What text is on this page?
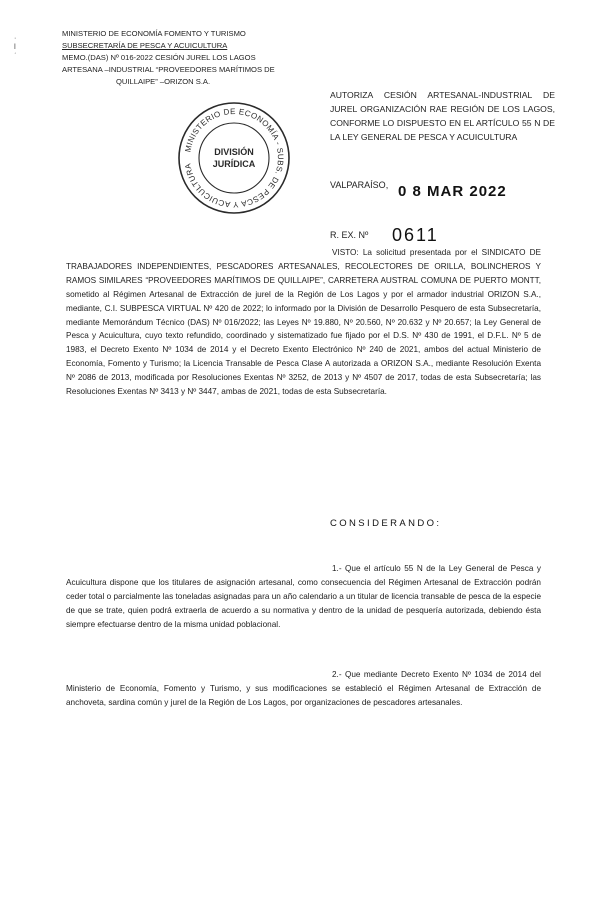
·
ǀ
ʿ
MINISTERIO DE ECONOMÍA FOMENTO Y TURISMO
SUBSECRETARÍA DE PESCA Y ACUICULTURA
MEMO.(DAS) Nº 016-2022 CESIÓN JUREL LOS LAGOS
ARTESANA –INDUSTRIAL “PROVEEDORES MARÍTIMOS DE
QUILLAIPE” –ORIZON S.A.
AUTORIZA CESIÓN ARTESANAL-INDUSTRIAL DE JUREL ORGANIZACIÓN RAE REGIÓN DE LOS LAGOS, CONFORME LO DISPUESTO EN EL ARTÍCULO 55 N DE LA LEY GENERAL DE PESCA Y ACUICULTURA
MINISTERIO DE ECONOMÍA - SUBS. DE PESCA Y ACUICULTURA
DIVISIÓN
JURÍDICA
VALPARAÍSO, 0 8 MAR 2022
R. EX. Nº 0611
VISTO: La solicitud presentada por el SINDICATO DE TRABAJADORES INDEPENDIENTES, PESCADORES ARTESANALES, RECOLECTORES DE ORILLA, BOLINCHEROS Y RAMOS SIMILARES “PROVEEDORES MARÍTIMOS DE QUILLAIPE”, CARRETERA AUSTRAL COMUNA DE PUERTO MONTT, sometido al Régimen Artesanal de Extracción de jurel de la Región de Los Lagos y por el armador industrial ORIZON S.A., mediante, C.I. SUBPESCA VIRTUAL Nº 420 de 2022; lo informado por la División de Desarrollo Pesquero de esta Subsecretaría, mediante Memorándum Técnico (DAS) Nº 016/2022; las Leyes Nº 19.880, Nº 20.560, Nº 20.632 y Nº 20.657; la Ley General de Pesca y Acuicultura, cuyo texto refundido, coordinado y sistematizado fue fijado por el D.S. Nº 430 de 1991, el D.F.L. Nº 5 de 1983, el Decreto Exento Nº 1034 de 2014 y el Decreto Exento Electrónico Nº 240 de 2021, ambos del actual Ministerio de Economía, Fomento y Turismo; la Licencia Transable de Pesca Clase A autorizada a ORIZON S.A., mediante Resolución Exenta Nº 2086 de 2013, modificada por Resoluciones Exentas Nº 3252, de 2013 y Nº 4507 de 2017, todas de esta Subsecretaría; las Resoluciones Exentas Nº 3413 y Nº 3447, ambas de 2021, todas de esta Subsecretaría.
CONSIDERANDO:
1.- Que el artículo 55 N de la Ley General de Pesca y Acuicultura dispone que los titulares de asignación artesanal, como consecuencia del Régimen Artesanal de Extracción podrán ceder total o parcialmente las toneladas asignadas para un año calendario a un titular de licencia transable de pesca de la especie de que se trate, quien podrá extraerla de acuerdo a su normativa y dentro de la unidad de pesquería autorizada, debiendo ésta siempre efectuarse dentro de la misma unidad poblacional.
2.- Que mediante Decreto Exento Nº 1034 de 2014 del Ministerio de Economía, Fomento y Turismo, y sus modificaciones se estableció el Régimen Artesanal de Extracción de anchoveta, sardina común y jurel de la Región de Los Lagos, por organizaciones de pescadores artesanales.
